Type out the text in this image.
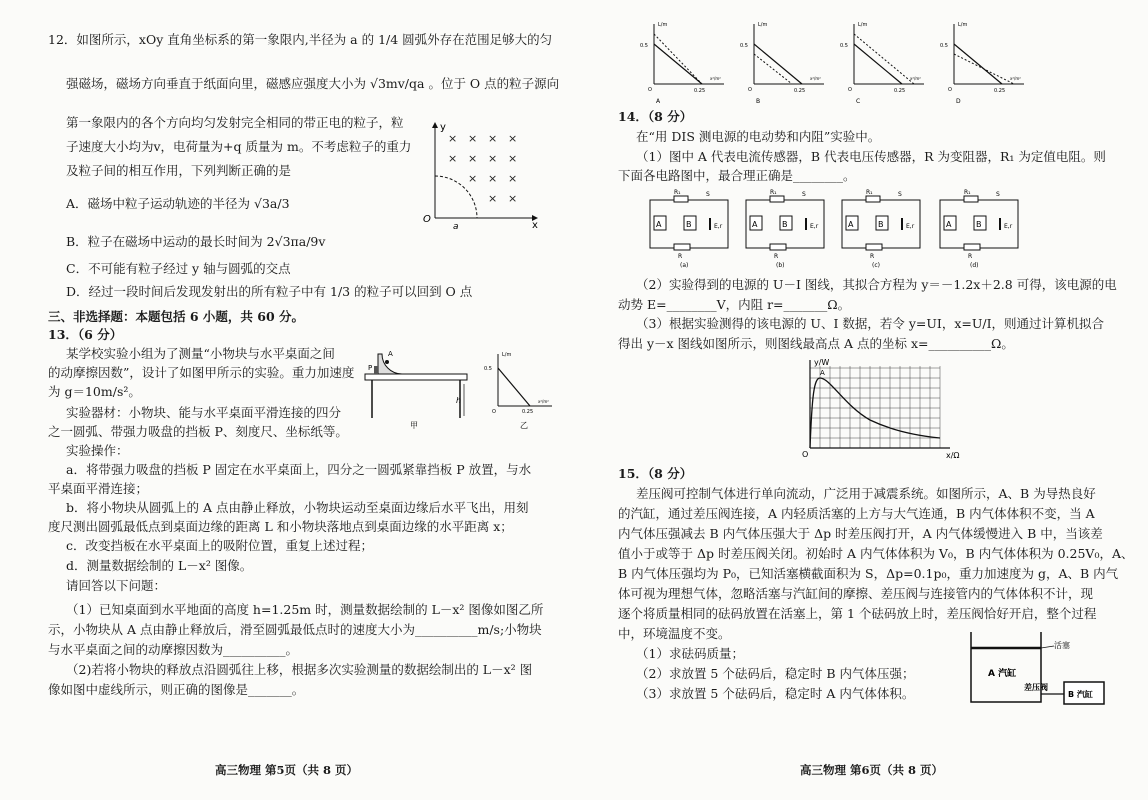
12．如图所示，xOy 直角坐标系的第一象限内,半径为 a 的 1/4 圆弧外存在范围足够大的匀
强磁场，磁场方向垂直于纸面向里，磁感应强度大小为 √3mv/qa 。位于 O 点的粒子源向
第一象限内的各个方向均匀发射完全相同的带正电的粒子，粒
子速度大小均为v，电荷量为+q 质量为 m。不考虑粒子的重力
及粒子间的相互作用，下列判断正确的是
A．磁场中粒子运动轨迹的半径为 √3a/3
B．粒子在磁场中运动的最长时间为 2√3πa/9v
C．不可能有粒子经过 y 轴与圆弧的交点
D．经过一段时间后发现发射出的所有粒子中有 1/3 的粒子可以回到 O 点
y
x
O
a
× × × ×
× × × ×
× × ×
× ×
三、非选择题：本题包括 6 小题，共 60 分。
13．（6 分）
某学校实验小组为了测量“小物块与水平桌面之间
的动摩擦因数”，设计了如图甲所示的实验。重力加速度
为 g＝10m/s²。
实验器材：小物块、能与水平桌面平滑连接的四分
之一圆弧、带强力吸盘的挡板 P、刻度尺、坐标纸等。
实验操作：
h
P
A
甲
L/m
0.5
0.25
x²/m²
O
乙
a．将带强力吸盘的挡板 P 固定在水平桌面上，四分之一圆弧紧靠挡板 P 放置，与水
平桌面平滑连接；
b．将小物块从圆弧上的 A 点由静止释放，小物块运动至桌面边缘后水平飞出，用刻
度尺测出圆弧最低点到桌面边缘的距离 L 和小物块落地点到桌面边缘的水平距离 x；
c．改变挡板在水平桌面上的吸附位置，重复上述过程；
d．测量数据绘制的 L－x² 图像。
请回答以下问题：
（1）已知桌面到水平地面的高度 h=1.25m 时，测量数据绘制的 L－x² 图像如图乙所
示，小物块从 A 点由静止释放后，滑至圆弧最低点时的速度大小为__________m/s;小物块
与水平桌面之间的动摩擦因数为__________。
（2)若将小物块的释放点沿圆弧往上移，根据多次实验测量的数据绘制出的 L－x² 图
像如图中虚线所示，则正确的图像是_______。
高三物理 第5页（共 8 页）
L/m
0.5
0.25
x²/m²
O
A
L/m
0.5
0.25
x²/m²
O
B
L/m
0.5
0.25
x²/m²
O
C
L/m
0.5
0.25
x²/m²
O
D
14．（8 分）
在“用 DIS 测电源的电动势和内阻”实验中。
（1）图中 A 代表电流传感器，B 代表电压传感器，R 为变阻器，R₁ 为定值电阻。则
下面各电路图中，最合理正确是________。
A	B
R₁	S
R
E,r
(a)
A	B
R₁	S
R
E,r
(b)
A	B
R₁	S
R
E,r
(c)
A	B
R₁	S
R
E,r
(d)
（2）实验得到的电源的 U－I 图线，其拟合方程为 y＝－1.2x＋2.8 可得，该电源的电
动势 E=________V，内阻 r=_______Ω。
（3）根据实验测得的该电源的 U、I 数据，若令 y=UI，x=U/I，则通过计算机拟合
得出 y－x 图线如图所示，则图线最高点 A 点的坐标 x=__________Ω。
y/W
x/Ω
O
A
15．（8 分）
差压阀可控制气体进行单向流动，广泛用于减震系统。如图所示，A、B 为导热良好
的汽缸，通过差压阀连接，A 内轻质活塞的上方与大气连通，B 内气体体积不变，当 A
内气体压强减去 B 内气体压强大于 Δp 时差压阀打开，A 内气体缓慢进入 B 中，当该差
值小于或等于 Δp 时差压阀关闭。初始时 A 内气体体积为 V₀，B 内气体体积为 0.25V₀，A、
B 内气体压强均为 P₀，已知活塞横截面积为 S，Δp=0.1p₀，重力加速度为 g，A、B 内气
体可视为理想气体，忽略活塞与汽缸间的摩擦、差压阀与连接管内的气体体积不计，现
逐个将质量相同的砝码放置在活塞上，第 1 个砝码放上时，差压阀恰好开启，整个过程
中，环境温度不变。
（1）求砝码质量；
（2）求放置 5 个砝码后，稳定时 B 内气体压强；
（3）求放置 5 个砝码后，稳定时 A 内气体体积。
活塞
A 汽缸
差压阀
B 汽缸
高三物理 第6页（共 8 页）
